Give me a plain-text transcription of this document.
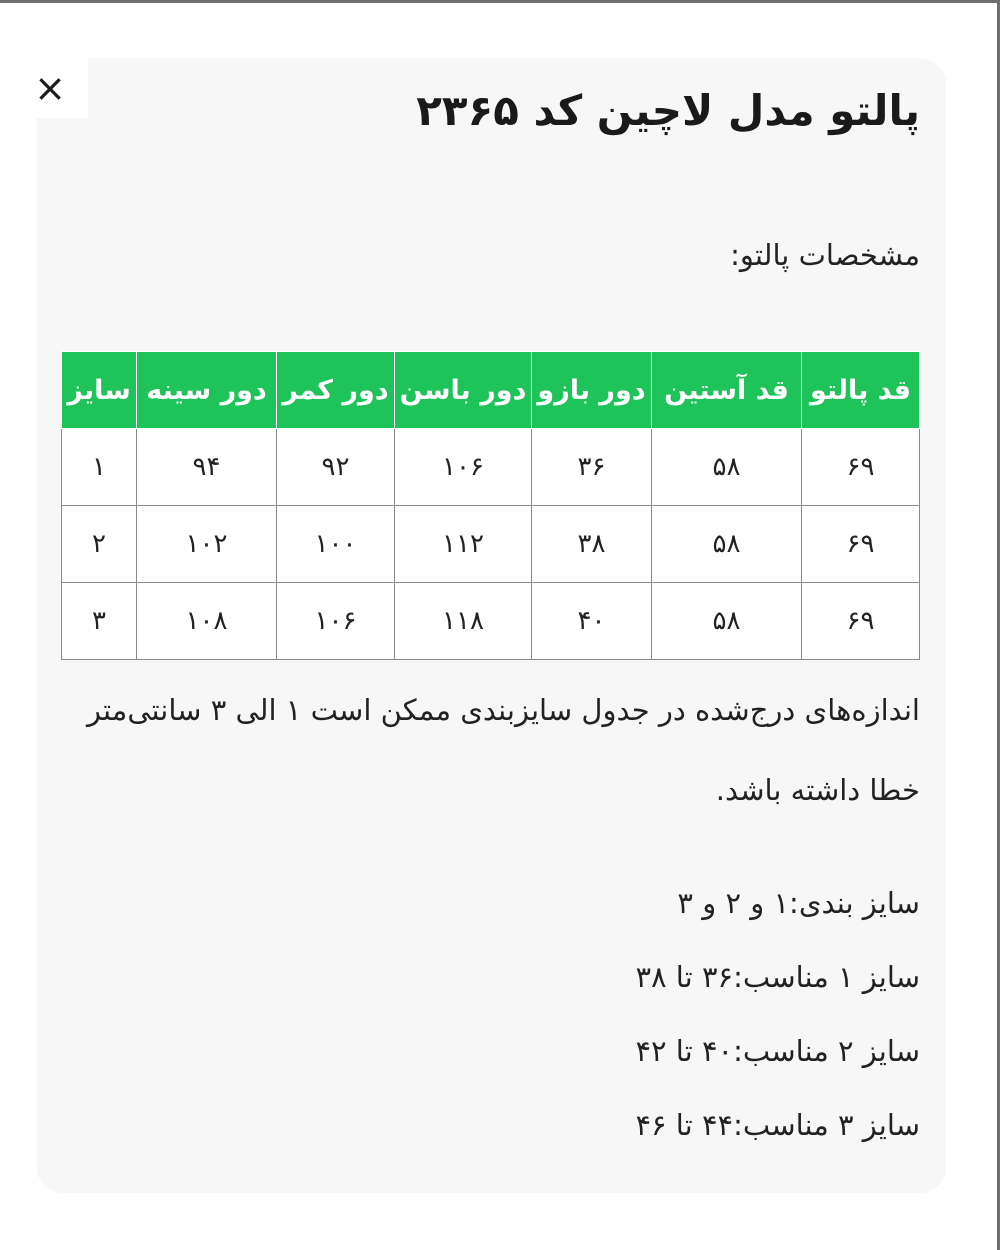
پالتو مدل لاچین کد ۲۳۶۵
مشخصات پالتو:
قد پالتو	قد آستین	دور بازو	دور باسن	دور کمر	دور سینه	سایز
۶۹	۵۸	۳۶	۱۰۶	۹۲	۹۴	۱
۶۹	۵۸	۳۸	۱۱۲	۱۰۰	۱۰۲	۲
۶۹	۵۸	۴۰	۱۱۸	۱۰۶	۱۰۸	۳
اندازه‌های درج‌شده در جدول سایزبندی ممکن است ۱ الی ۳ سانتی‌متر خطا داشته باشد.
سایز بندی:۱ و ۲ و ۳
سایز ۱ مناسب:۳۶ تا ۳۸
سایز ۲ مناسب:۴۰ تا ۴۲
سایز ۳ مناسب:۴۴ تا ۴۶
×
